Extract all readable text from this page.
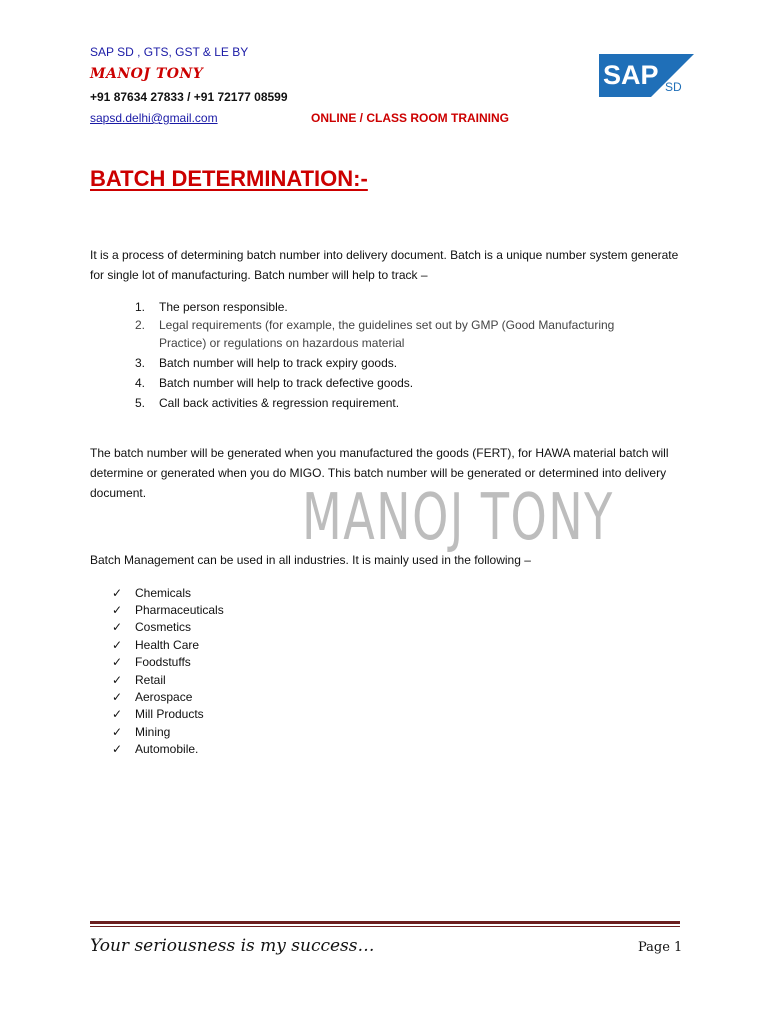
SAP SD , GTS, GST & LE BY
MANOJ TONY
+91 87634 27833 / +91 72177 08599
sapsd.delhi@gmail.com	ONLINE / CLASS ROOM TRAINING
SAP SD
BATCH DETERMINATION:-
It is a process of determining batch number into delivery document. Batch is a unique number system generate for single lot of manufacturing. Batch number will help to track –
1.	The person responsible.
2.	Legal requirements (for example, the guidelines set out by GMP (Good Manufacturing Practice) or regulations on hazardous material
3.	Batch number will help to track expiry goods.
4.	Batch number will help to track defective goods.
5.	Call back activities & regression requirement.
The batch number will be generated when you manufactured the goods (FERT), for HAWA material batch will determine or generated when you do MIGO. This batch number will be generated or determined into delivery document.	MANOJ TONY
Batch Management can be used in all industries. It is mainly used in the following –
✓	Chemicals
✓	Pharmaceuticals
✓	Cosmetics
✓	Health Care
✓	Foodstuffs
✓	Retail
✓	Aerospace
✓	Mill Products
✓	Mining
✓	Automobile.
Your seriousness is my success…	Page 1
